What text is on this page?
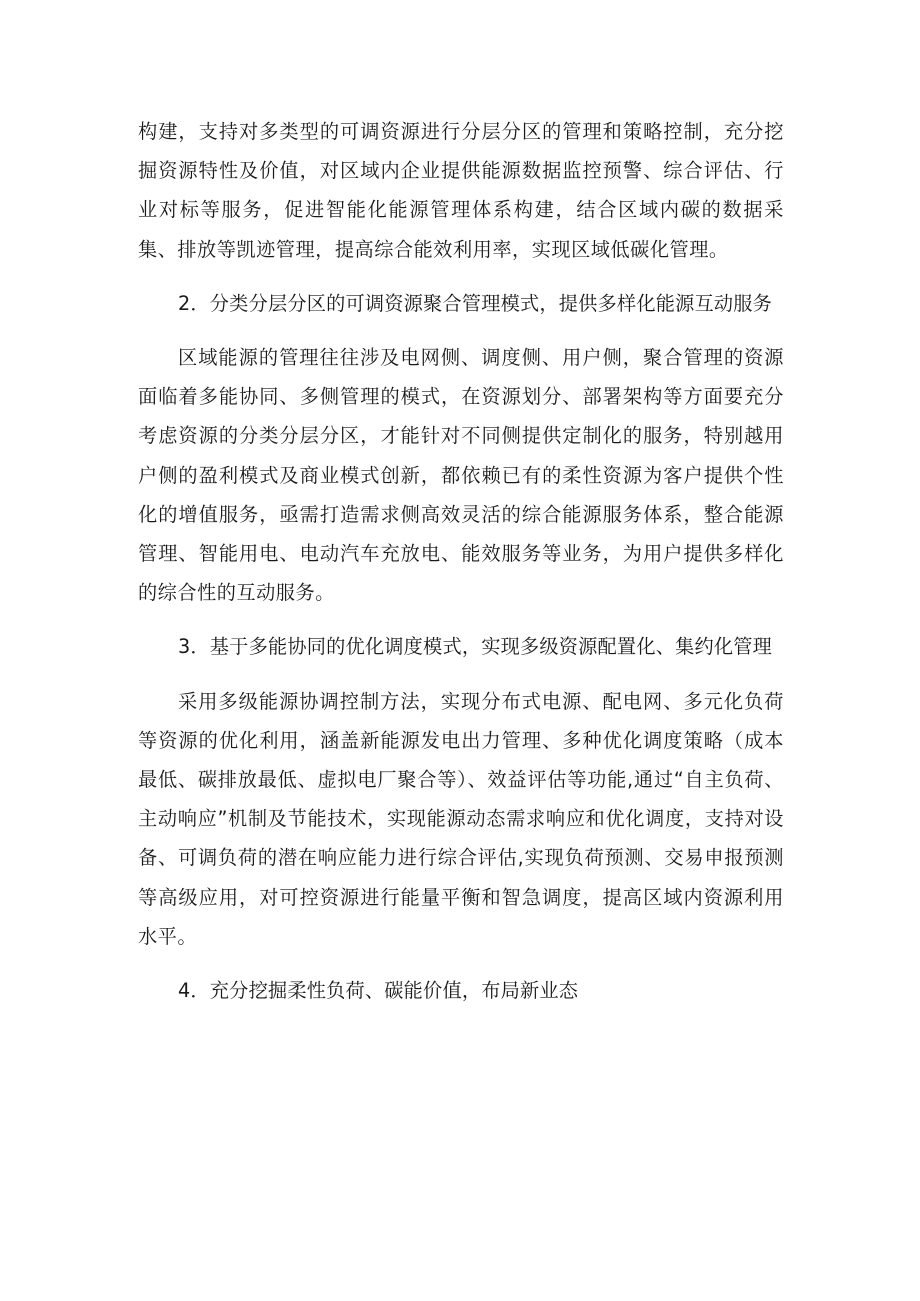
构建，支持对多类型的可调资源进行分层分区的管理和策略控制，充分挖掘资源特性及价值，对区域内企业提供能源数据监控预警、综合评估、行业对标等服务，促进智能化能源管理体系构建，结合区域内碳的数据采集、排放等凯迹管理，提高综合能效利用率，实现区域低碳化管理。

2．分类分层分区的可调资源聚合管理模式，提供多样化能源互动服务

区域能源的管理往往涉及电网侧、调度侧、用户侧，聚合管理的资源面临着多能协同、多侧管理的模式，在资源划分、部署架构等方面要充分考虑资源的分类分层分区，才能针对不同侧提供定制化的服务，特别越用户侧的盈利模式及商业模式创新，都依赖已有的柔性资源为客户提供个性化的增值服务，亟需打造需求侧高效灵活的综合能源服务体系，整合能源管理、智能用电、电动汽车充放电、能效服务等业务，为用户提供多样化的综合性的互动服务。

3．基于多能协同的优化调度模式，实现多级资源配置化、集约化管理

采用多级能源协调控制方法，实现分布式电源、配电网、多元化负荷等资源的优化利用，涵盖新能源发电出力管理、多种优化调度策略（成本最低、碳排放最低、虚拟电厂聚合等）、效益评估等功能,通过“自主负荷、主动响应”机制及节能技术，实现能源动态需求响应和优化调度，支持对设备、可调负荷的潜在响应能力进行综合评估,实现负荷预测、交易申报预测等高级应用，对可控资源进行能量平衡和智急调度，提高区域内资源利用水平。

4．充分挖掘柔性负荷、碳能价值，布局新业态
